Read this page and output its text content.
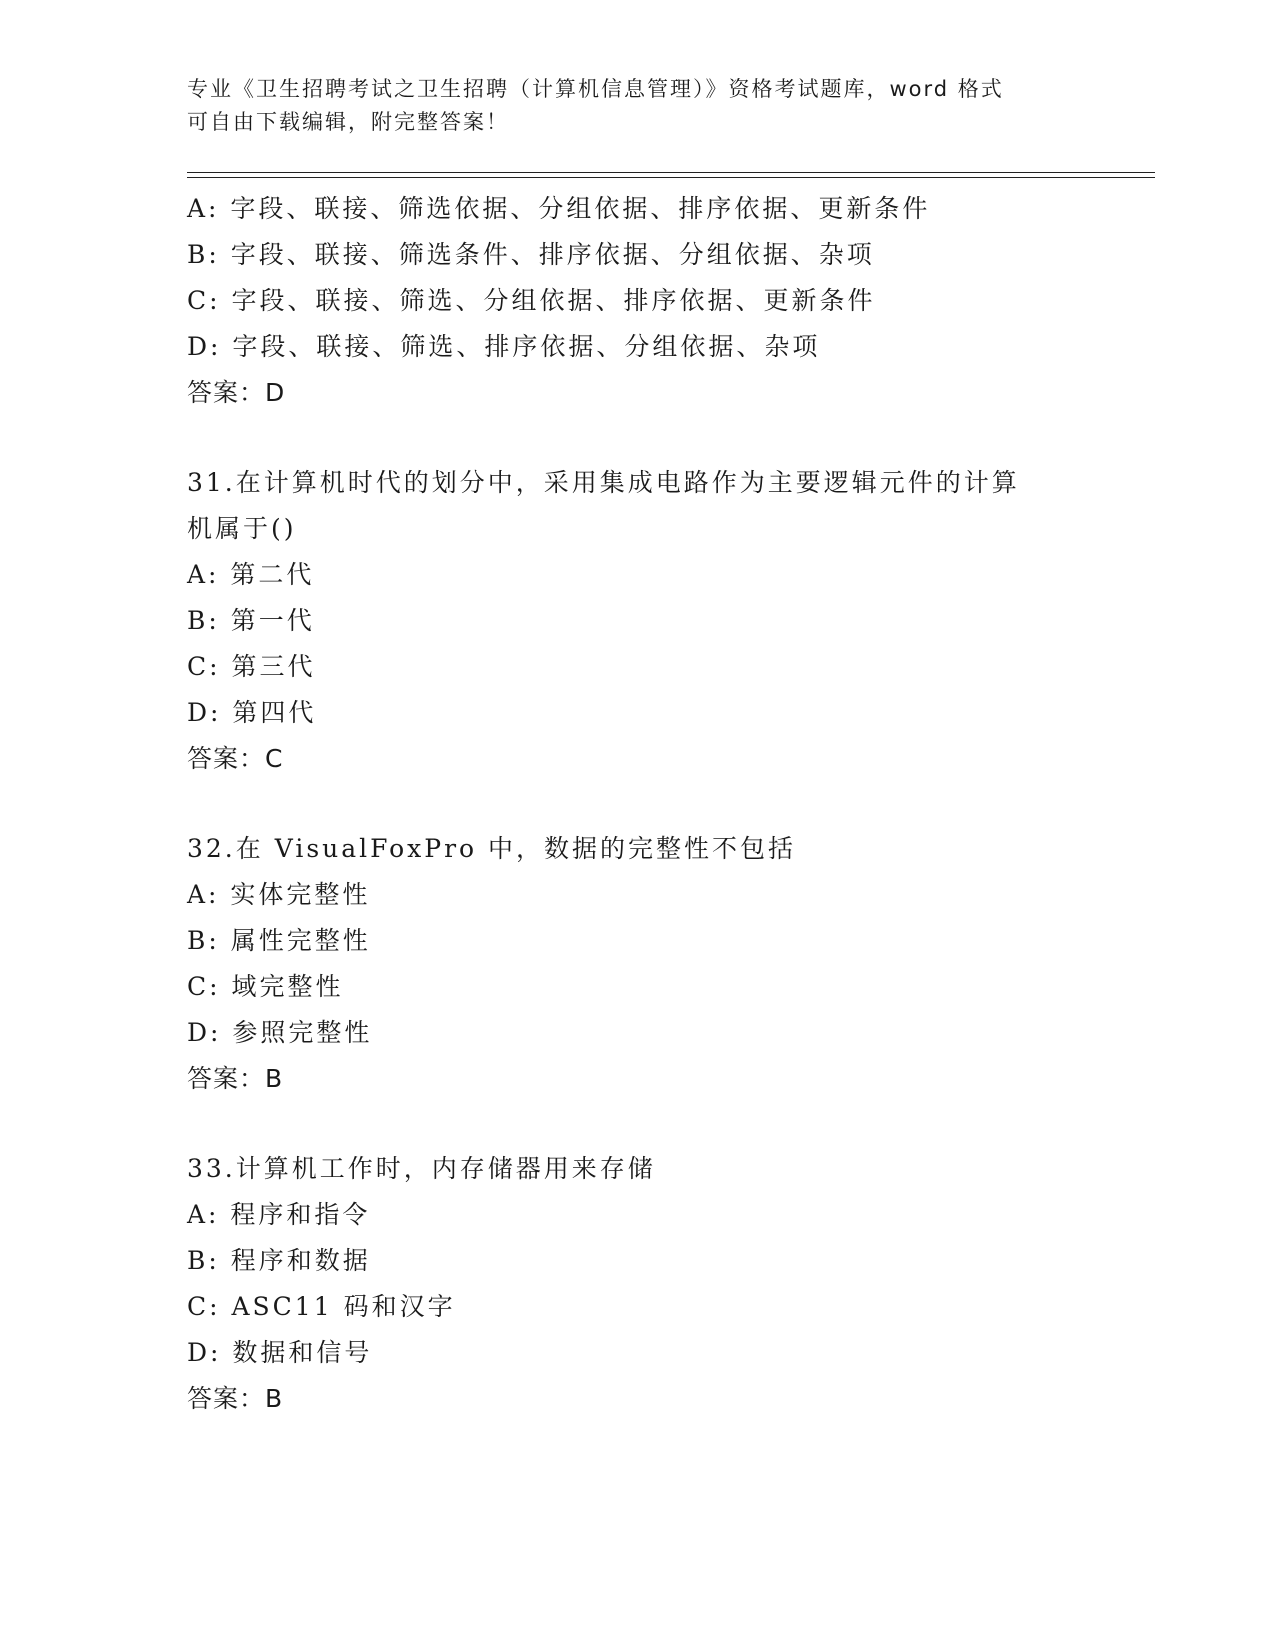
专业《卫生招聘考试之卫生招聘（计算机信息管理）》资格考试题库，word 格式
可自由下载编辑，附完整答案！
A: 字段、联接、筛选依据、分组依据、排序依据、更新条件
B: 字段、联接、筛选条件、排序依据、分组依据、杂项
C: 字段、联接、筛选、分组依据、排序依据、更新条件
D: 字段、联接、筛选、排序依据、分组依据、杂项
答案：D
31.在计算机时代的划分中，采用集成电路作为主要逻辑元件的计算机属于()
A: 第二代
B: 第一代
C: 第三代
D: 第四代
答案：C
32.在 VisualFoxPro 中，数据的完整性不包括
A: 实体完整性
B: 属性完整性
C: 域完整性
D: 参照完整性
答案：B
33.计算机工作时，内存储器用来存储
A: 程序和指令
B: 程序和数据
C: ASC11 码和汉字
D: 数据和信号
答案：B
